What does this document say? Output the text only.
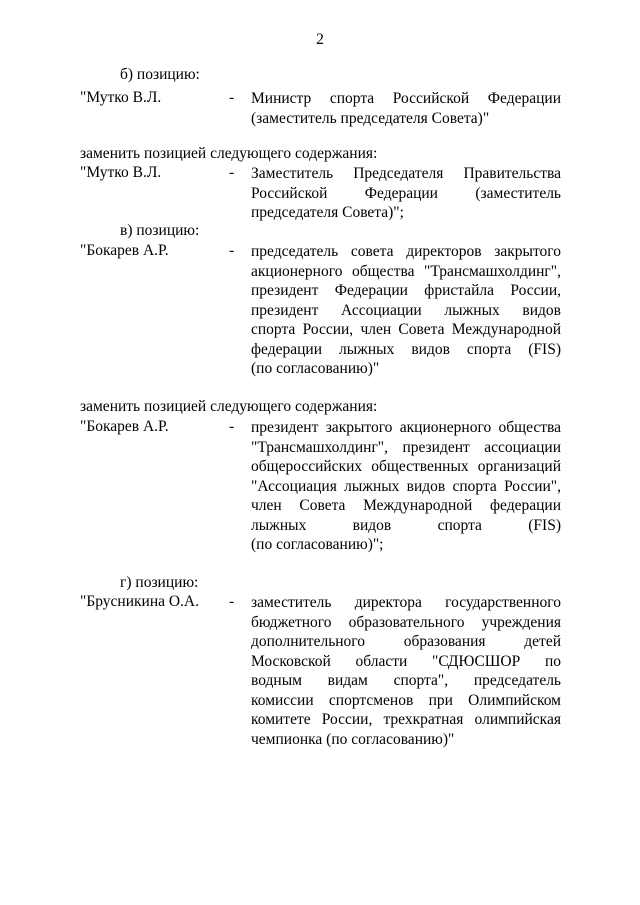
2
б) позицию:
"Мутко В.Л.	- Министр спорта Российской Федерации
(заместитель председателя Совета)"
заменить позицией следующего содержания:
"Мутко В.Л.	- Заместитель Председателя Правительства
Российской Федерации (заместитель
председателя Совета)";
в) позицию:
"Бокарев А.Р.	- председатель совета директоров закрытого
акционерного общества "Трансмашхолдинг",
президент Федерации фристайла России,
президент Ассоциации лыжных видов
спорта России, член Совета Международной
федерации лыжных видов спорта (FIS)
(по согласованию)"
заменить позицией следующего содержания:
"Бокарев А.Р.	- президент закрытого акционерного общества
"Трансмашхолдинг", президент ассоциации
общероссийских общественных организаций
"Ассоциация лыжных видов спорта России",
член Совета Международной федерации
лыжных видов спорта (FIS)
(по согласованию)";
г) позицию:
"Брусникина О.А. - заместитель директора государственного
бюджетного образовательного учреждения
дополнительного образования детей
Московской области "СДЮСШОР по
водным видам спорта", председатель
комиссии спортсменов при Олимпийском
комитете России, трехкратная олимпийская
чемпионка (по согласованию)"
